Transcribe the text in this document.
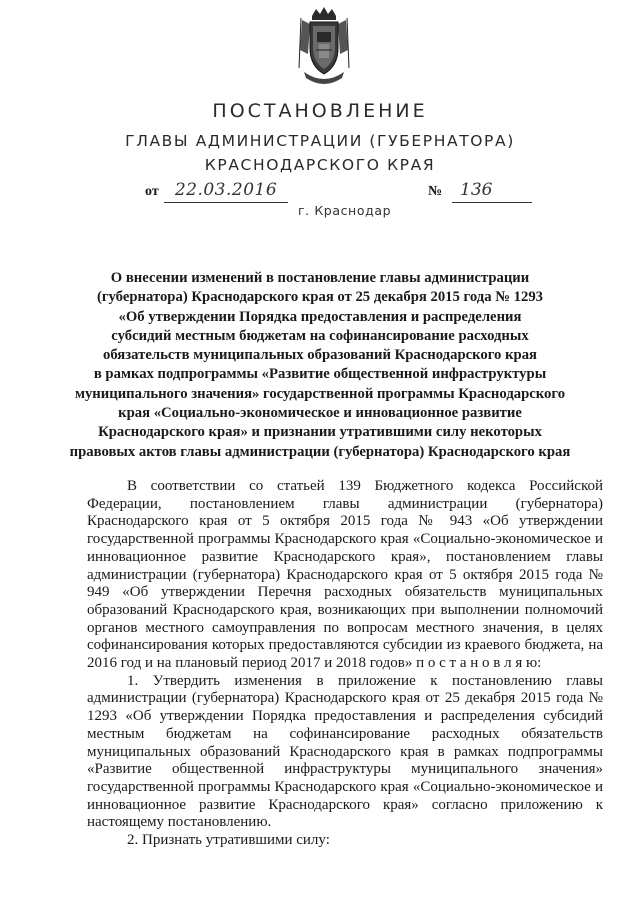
ПОСТАНОВЛЕНИЕ
ГЛАВЫ АДМИНИСТРАЦИИ (ГУБЕРНАТОРА)
КРАСНОДАРСКОГО КРАЯ
от 22.03.2016	№	136
г. Краснодар
О внесении изменений в постановление главы администрации
(губернатора) Краснодарского края от 25 декабря 2015 года № 1293
«Об утверждении Порядка предоставления и распределения
субсидий местным бюджетам на софинансирование расходных
обязательств муниципальных образований Краснодарского края
в рамках подпрограммы «Развитие общественной инфраструктуры
муниципального значения» государственной программы Краснодарского
края «Социально-экономическое и инновационное развитие
Краснодарского края» и признании утратившими силу некоторых
правовых актов главы администрации (губернатора) Краснодарского края

В соответствии со статьей 139 Бюджетного кодекса Российской Федерации, постановлением главы администрации (губернатора) Краснодарского края от 5 октября 2015 года № 943 «Об утверждении государственной программы Краснодарского края «Социально-экономическое и инновационное развитие Краснодарского края», постановлением главы администрации (губернатора) Краснодарского края от 5 октября 2015 года № 949 «Об утверждении Перечня расходных обязательств муниципальных образований Краснодарского края, возникающих при выполнении полномочий органов местного самоуправления по вопросам местного значения, в целях софинансирования которых предоставляются субсидии из краевого бюджета, на 2016 год и на плановый период 2017 и 2018 годов» п о с т а н о в л я ю:

1. Утвердить изменения в приложение к постановлению главы администрации (губернатора) Краснодарского края от 25 декабря 2015 года № 1293 «Об утверждении Порядка предоставления и распределения субсидий местным бюджетам на софинансирование расходных обязательств муниципальных образований Краснодарского края в рамках подпрограммы «Развитие общественной инфраструктуры муниципального значения» государственной программы Краснодарского края «Социально-экономическое и инновационное развитие Краснодарского края» согласно приложению к настоящему постановлению.

2. Признать утратившими силу:
